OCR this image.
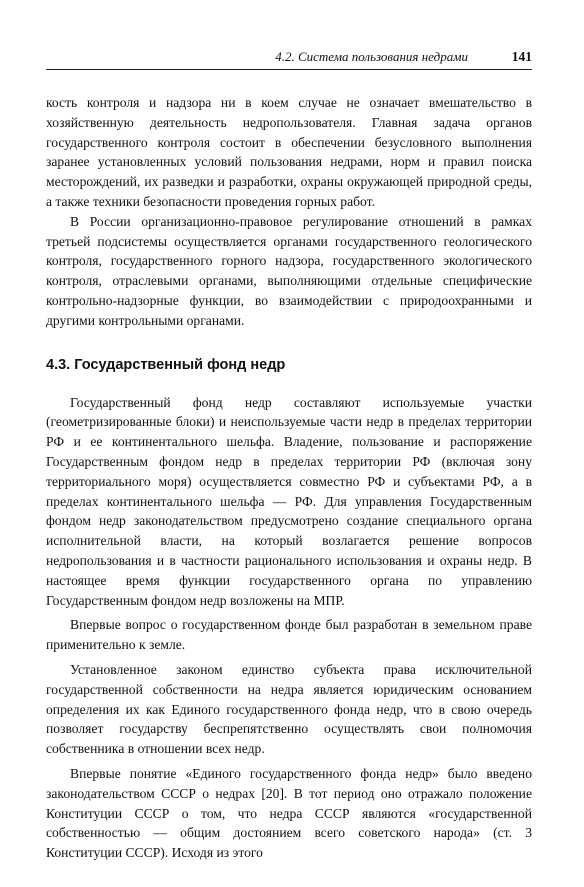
4.2. Система пользования недрами	141

кость контроля и надзора ни в коем случае не означает вмешательство в хозяйственную деятельность недропользователя. Главная задача органов государственного контроля состоит в обеспечении безусловного выполнения заранее установленных условий пользования недрами, норм и правил поиска месторождений, их разведки и разработки, охраны окружающей природной среды, а также техники безопасности проведения горных работ.

В России организационно-правовое регулирование отношений в рамках третьей подсистемы осуществляется органами государственного геологического контроля, государственного горного надзора, государственного экологического контроля, отраслевыми органами, выполняющими отдельные специфические контрольно-надзорные функции, во взаимодействии с природоохранными и другими контрольными органами.

4.3. Государственный фонд недр

Государственный фонд недр составляют используемые участки (геометризированные блоки) и неиспользуемые части недр в пределах территории РФ и ее континентального шельфа. Владение, пользование и распоряжение Государственным фондом недр в пределах территории РФ (включая зону территориального моря) осуществляется совместно РФ и субъектами РФ, а в пределах континентального шельфа — РФ. Для управления Государственным фондом недр законодательством предусмотрено создание специального органа исполнительной власти, на который возлагается решение вопросов недропользования и в частности рационального использования и охраны недр. В настоящее время функции государственного органа по управлению Государственным фондом недр возложены на МПР.

Впервые вопрос о государственном фонде был разработан в земельном праве применительно к земле.

Установленное законом единство субъекта права исключительной государственной собственности на недра является юридическим основанием определения их как Единого государственного фонда недр, что в свою очередь позволяет государству беспрепятственно осуществлять свои полномочия собственника в отношении всех недр.

Впервые понятие «Единого государственного фонда недр» было введено законодательством СССР о недрах [20]. В тот период оно отражало положение Конституции СССР о том, что недра СССР являются «государственной собственностью — общим достоянием всего советского народа» (ст. 3 Конституции СССР). Исходя из этого
